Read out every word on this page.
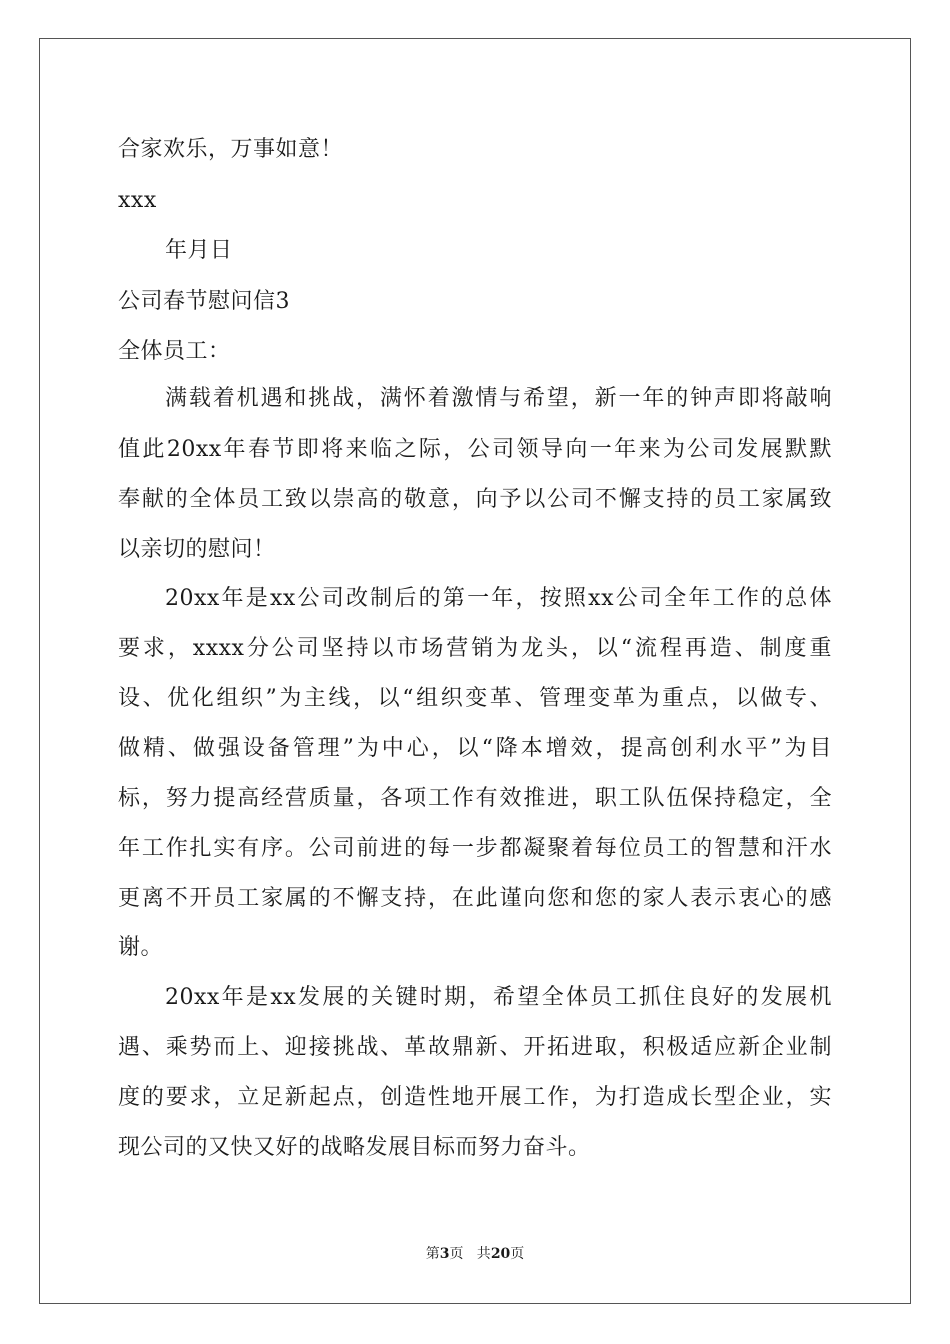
合家欢乐，万事如意！
xxx
年月日
公司春节慰问信3
全体员工：
满载着机遇和挑战，满怀着激情与希望，新一年的钟声即将敲响
值此20xx年春节即将来临之际，公司领导向一年来为公司发展默默
奉献的全体员工致以崇高的敬意，向予以公司不懈支持的员工家属致
以亲切的慰问！
20xx年是xx公司改制后的第一年，按照xx公司全年工作的总体
要求，xxxx分公司坚持以市场营销为龙头，以“流程再造、制度重
设、优化组织”为主线，以“组织变革、管理变革为重点，以做专、
做精、做强设备管理”为中心，以“降本增效，提高创利水平”为目
标，努力提高经营质量，各项工作有效推进，职工队伍保持稳定，全
年工作扎实有序。公司前进的每一步都凝聚着每位员工的智慧和汗水
更离不开员工家属的不懈支持，在此谨向您和您的家人表示衷心的感
谢。
20xx年是xx发展的关键时期，希望全体员工抓住良好的发展机
遇、乘势而上、迎接挑战、革故鼎新、开拓进取，积极适应新企业制
度的要求，立足新起点，创造性地开展工作，为打造成长型企业，实
现公司的又快又好的战略发展目标而努力奋斗。
第3页   共20页
